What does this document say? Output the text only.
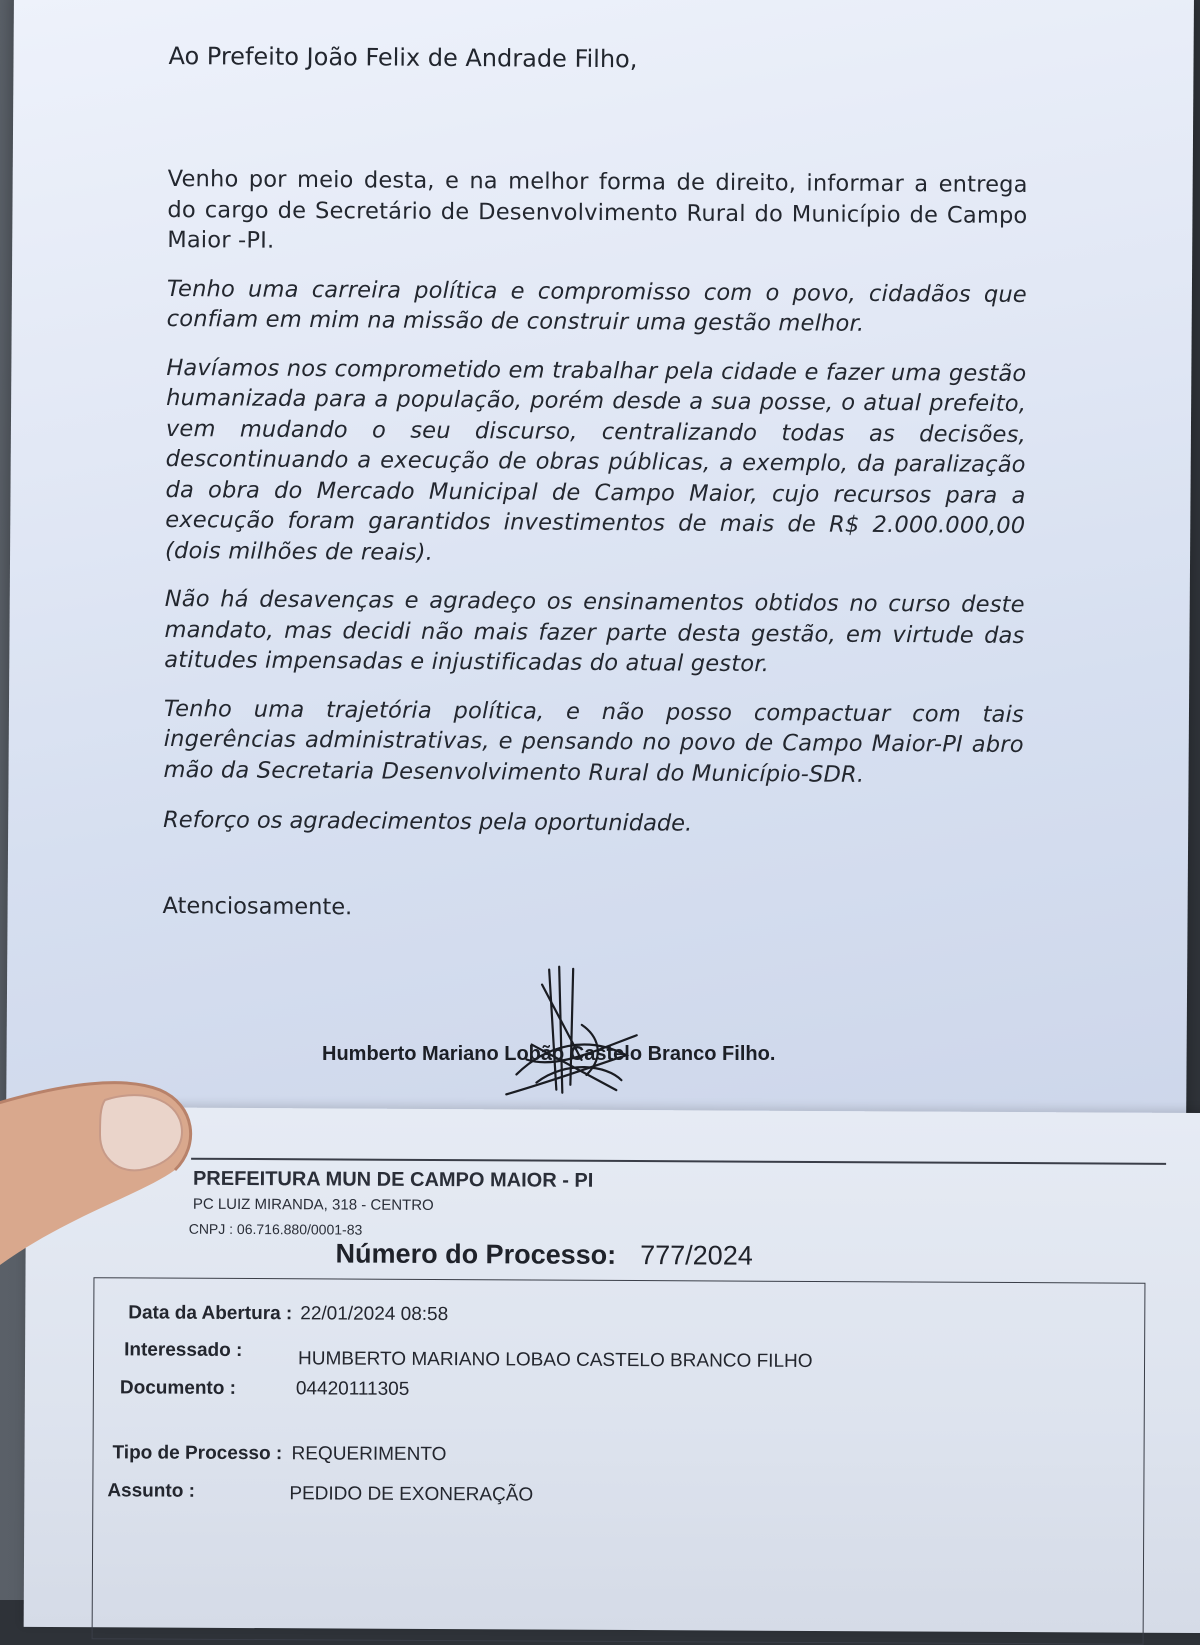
Ao Prefeito João Felix de Andrade Filho,

Venho por meio desta, e na melhor forma de direito, informar a entrega do cargo de Secretário de Desenvolvimento Rural do Município de Campo Maior -PI.

Tenho uma carreira política e compromisso com o povo, cidadãos que confiam em mim na missão de construir uma gestão melhor.

Havíamos nos comprometido em trabalhar pela cidade e fazer uma gestão humanizada para a população, porém desde a sua posse, o atual prefeito, vem mudando o seu discurso, centralizando todas as decisões, descontinuando a execução de obras públicas, a exemplo, da paralização da obra do Mercado Municipal de Campo Maior, cujo recursos para a execução foram garantidos investimentos de mais de R$ 2.000.000,00 (dois milhões de reais).

Não há desavenças e agradeço os ensinamentos obtidos no curso deste mandato, mas decidi não mais fazer parte desta gestão, em virtude das atitudes impensadas e injustificadas do atual gestor.

Tenho uma trajetória política, e não posso compactuar com tais ingerências administrativas, e pensando no povo de Campo Maior-PI abro mão da Secretaria Desenvolvimento Rural do Município-SDR.

Reforço os agradecimentos pela oportunidade.

Atenciosamente.

Humberto Mariano Lobão Castelo Branco Filho.
PREFEITURA MUN DE CAMPO MAIOR - PI
PC LUIZ MIRANDA, 318 - CENTRO
CNPJ : 06.716.880/0001-83
Número do Processo: 777/2024
Data da Abertura : 22/01/2024 08:58
Interessado :	HUMBERTO MARIANO LOBAO CASTELO BRANCO FILHO
Documento :	04420111305
Tipo de Processo : REQUERIMENTO
Assunto :	PEDIDO DE EXONERAÇÃO
